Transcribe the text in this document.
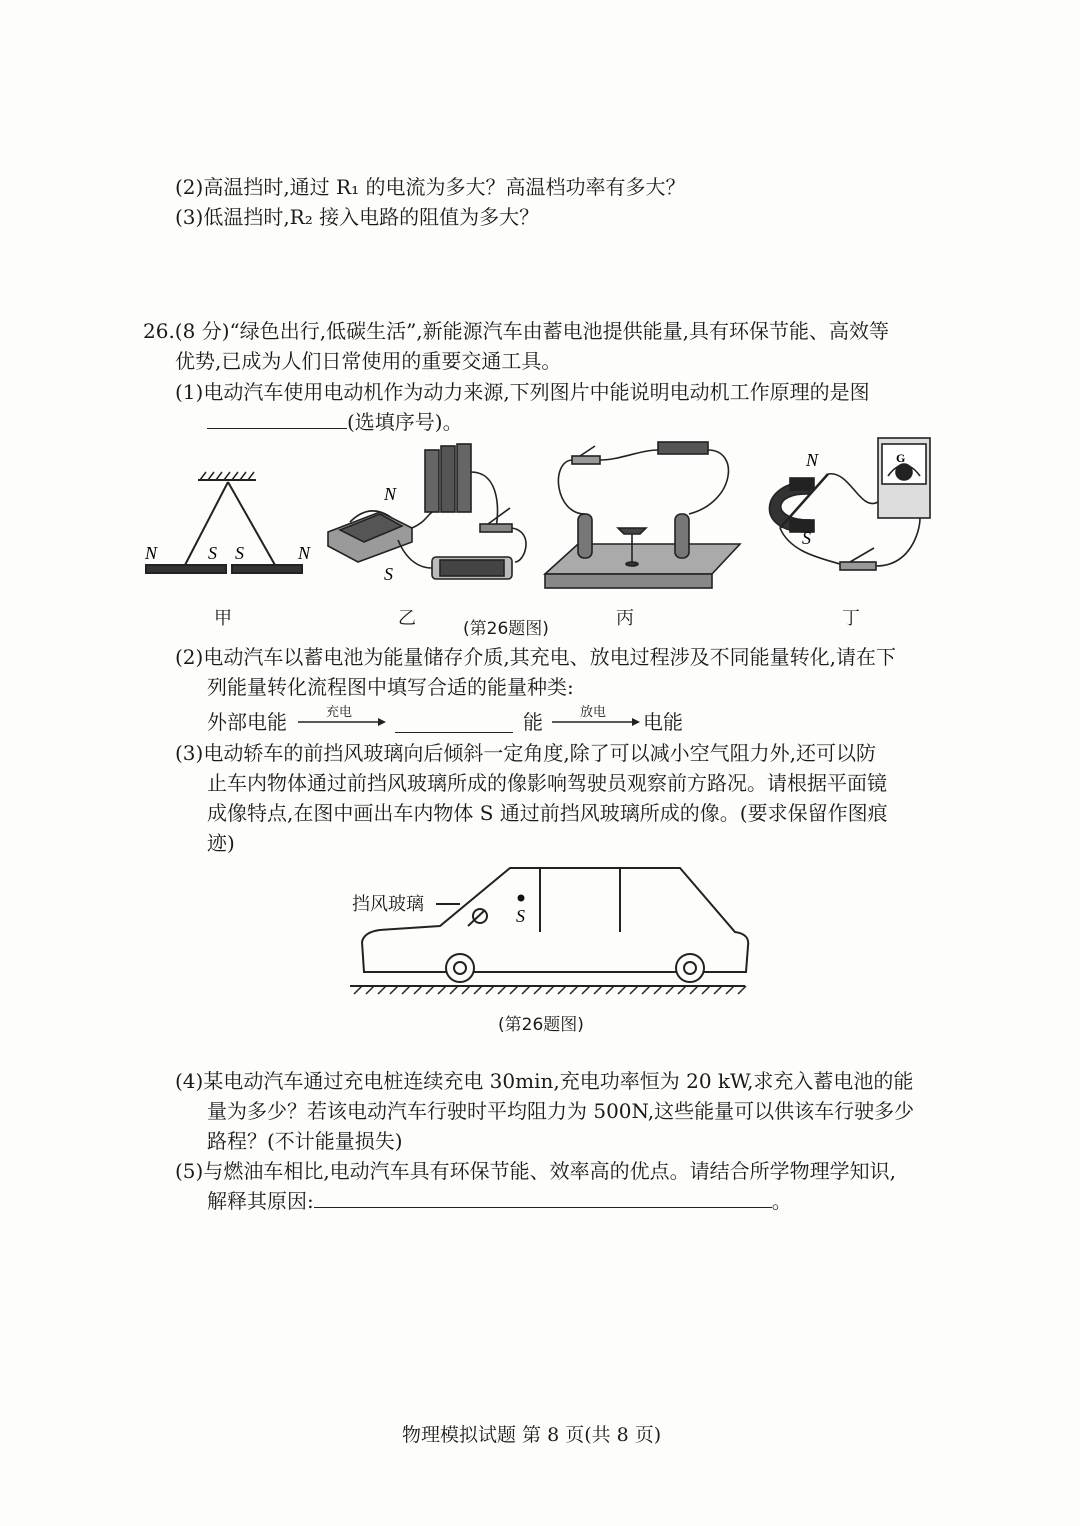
(2)高温挡时,通过 R₁ 的电流为多大？高温档功率有多大？
(3)低温挡时,R₂ 接入电路的阻值为多大？
26.(8 分)“绿色出行,低碳生活”,新能源汽车由蓄电池提供能量,具有环保节能、高效等
优势,已成为人们日常使用的重要交通工具。
(1)电动汽车使用电动机作为动力来源,下列图片中能说明电动机工作原理的是图
(选填序号)。
N	S S	N
N
S
N
S
G
甲	乙	(第26题图)	丙	丁
(2)电动汽车以蓄电池为能量储存介质,其充电、放电过程涉及不同能量转化,请在下
列能量转化流程图中填写合适的能量种类:
外部电能	充电	能	放电 电能
(3)电动轿车的前挡风玻璃向后倾斜一定角度,除了可以减小空气阻力外,还可以防
止车内物体通过前挡风玻璃所成的像影响驾驶员观察前方路况。请根据平面镜
成像特点,在图中画出车内物体 S 通过前挡风玻璃所成的像。(要求保留作图痕
迹)
S
挡风玻璃
(第26题图)
(4)某电动汽车通过充电桩连续充电 30min,充电功率恒为 20 kW,求充入蓄电池的能
量为多少？若该电动汽车行驶时平均阻力为 500N,这些能量可以供该车行驶多少
路程？(不计能量损失)
(5)与燃油车相比,电动汽车具有环保节能、效率高的优点。请结合所学物理学知识,
解释其原因:	。
物理模拟试题 第 8 页(共 8 页)
